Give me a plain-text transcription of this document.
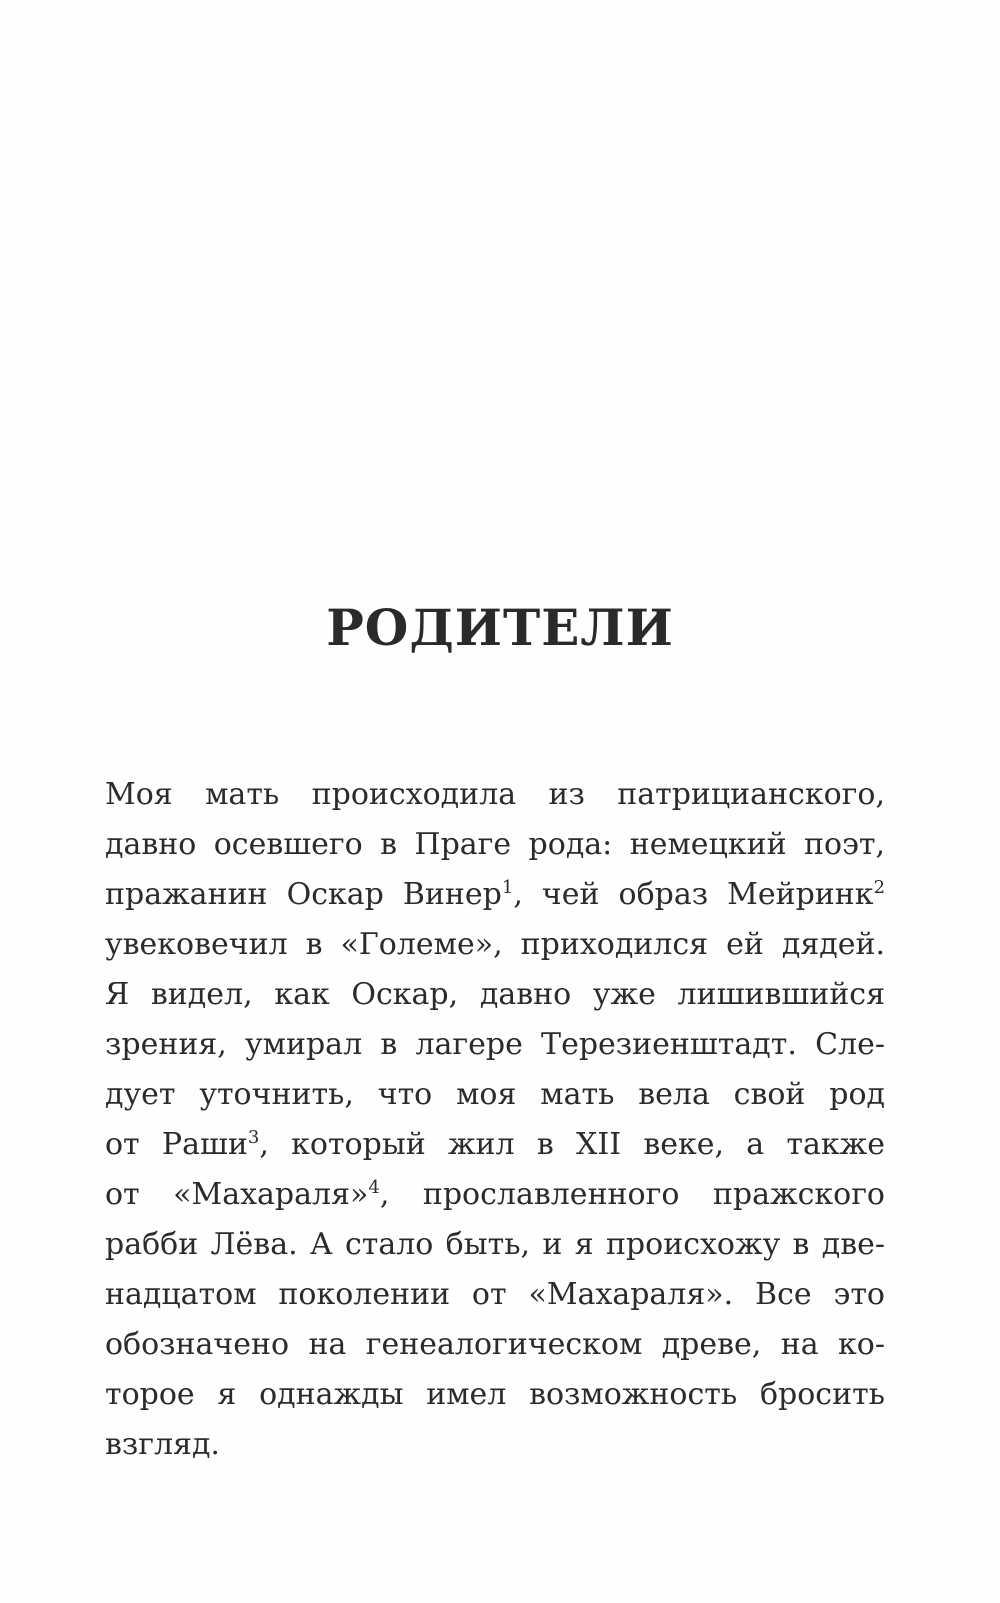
РОДИТЕЛИ
Моя мать происходила из патрицианского,
давно осевшего в Праге рода: немецкий поэт,
пражанин Оскар Винер$^1$, чей образ Мейринк$^2$
увековечил в «Големе», приходился ей дядей.
Я видел, как Оскар, давно уже лишившийся
зрения, умирал в лагере Терезиенштадт. Сле-
дует уточнить, что моя мать вела свой род
от Раши$^3$, который жил в XII веке, а также
от «Махараля»$^4$, прославленного пражского
рабби Лёва. А стало быть, и я происхожу в две-
надцатом поколении от «Махараля». Все это
обозначено на генеалогическом древе, на ко-
торое я однажды имел возможность бросить
взгляд.
